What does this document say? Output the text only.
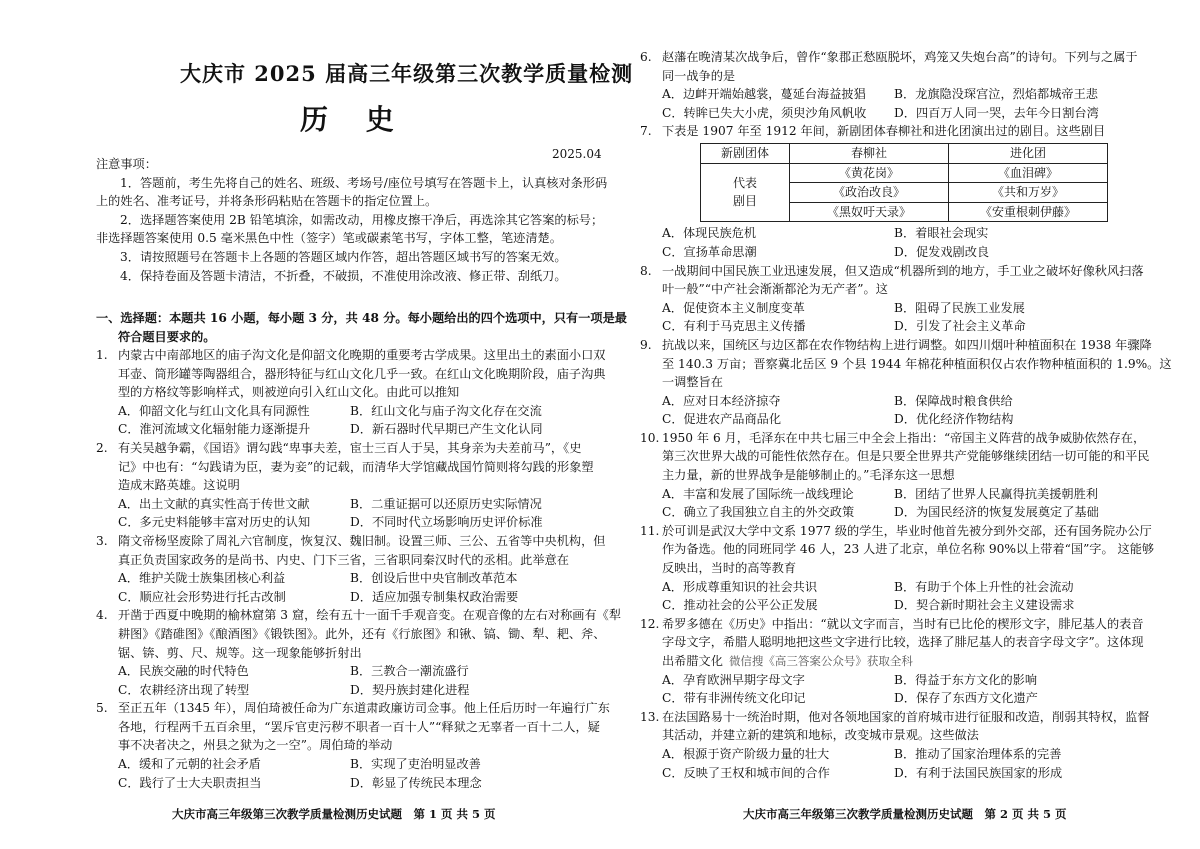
大庆市 2025 届高三年级第三次教学质量检测
历 史
2025.04
注意事项：
1．答题前，考生先将自己的姓名、班级、考场号/座位号填写在答题卡上，认真核对条形码
上的姓名、准考证号，并将条形码粘贴在答题卡的指定位置上。
2．选择题答案使用 2B 铅笔填涂，如需改动，用橡皮擦干净后，再选涂其它答案的标号；
非选择题答案使用 0.5 毫米黑色中性（签字）笔或碳素笔书写，字体工整，笔迹清楚。
3．请按照题号在答题卡上各题的答题区域内作答，超出答题区域书写的答案无效。
4．保持卷面及答题卡清洁，不折叠，不破损，不准使用涂改液、修正带、刮纸刀。
一、选择题：本题共 16 小题，每小题 3 分，共 48 分。每小题给出的四个选项中，只有一项是最
符合题目要求的。
1. 内蒙古中南部地区的庙子沟文化是仰韶文化晚期的重要考古学成果。这里出土的素面小口双
耳壶、筒形罐等陶器组合，器形特征与红山文化几乎一致。在红山文化晚期阶段，庙子沟典
型的方格纹等影响样式，则被逆向引入红山文化。由此可以推知
A．仰韶文化与红山文化具有同源性	B．红山文化与庙子沟文化存在交流
C．淮河流域文化辐射能力逐渐提升	D．新石器时代早期已产生文化认同
2. 有关吴越争霸，《国语》谓勾践“卑事夫差，宦士三百人于吴，其身亲为夫差前马”，《史
记》中也有：“勾践请为臣，妻为妾”的记载，而清华大学馆藏战国竹简则将勾践的形象塑
造成末路英雄。这说明
A．出土文献的真实性高于传世文献	B．二重证据可以还原历史实际情况
C．多元史料能够丰富对历史的认知	D．不同时代立场影响历史评价标准
3. 隋文帝杨坚废除了周礼六官制度，恢复汉、魏旧制。设置三师、三公、五省等中央机构，但
真正负责国家政务的是尚书、内史、门下三省，三省职同秦汉时代的丞相。此举意在
A．维护关陇士族集团核心利益	B．创设后世中央官制改革范本
C．顺应社会形势进行托古改制	D．适应加强专制集权政治需要
4. 开凿于西夏中晚期的榆林窟第 3 窟，绘有五十一面千手观音变。在观音像的左右对称画有《犁
耕图》《踏碓图》《酿酒图》《锻铁图》。此外，还有《行旅图》和锹、镐、锄、犁、耙、斧、
锯、锛、剪、尺、规等。这一现象能够折射出
A．民族交融的时代特色	B．三教合一潮流盛行
C．农耕经济出现了转型	D．契丹族封建化进程
5. 至正五年（1345 年），周伯琦被任命为广东道肃政廉访司佥事。他上任后历时一年遍行广东
各地，行程两千五百余里，“罢斥官吏污秽不职者一百十人”“释狱之无辜者一百十二人，疑
事不决者决之，州县之狱为之一空”。周伯琦的举动
A．缓和了元朝的社会矛盾	B．实现了吏治明显改善
C．践行了士大夫职责担当	D．彰显了传统民本理念
大庆市高三年级第三次教学质量检测历史试题　第 1 页 共 5 页
6. 赵藩在晚清某次战争后，曾作“象郡正愁瓯脱坏，鸡笼又失炮台高”的诗句。下列与之属于
同一战争的是
A．边衅开端始越裳，蔓延台海益披猖	B．龙旗隐没琛宫泣，烈焰都城帝王悲
C．转眸已失大小虎，须臾沙角风帆收	D．四百万人同一哭，去年今日割台湾
7. 下表是 1907 年至 1912 年间，新剧团体春柳社和进化团演出过的剧目。这些剧目
新剧团体	春柳社	进化团

代表
剧目	《黄花岗》	《血泪碑》
	《政治改良》	《共和万岁》
	《黑奴吁天录》	《安重根刺伊藤》
A．体现民族危机	B．着眼社会现实
C．宣扬革命思潮	D．促发戏剧改良
8. 一战期间中国民族工业迅速发展，但又造成“机器所到的地方，手工业之破坏好像秋风扫落
叶一般”“中产社会渐渐都沦为无产者”。这
A．促使资本主义制度变革	B．阻碍了民族工业发展
C．有利于马克思主义传播	D．引发了社会主义革命
9. 抗战以来，国统区与边区都在农作物结构上进行调整。如四川烟叶种植面积在 1938 年骤降
至 140.3 万亩；晋察冀北岳区 9 个县 1944 年棉花种植面积仅占农作物种植面积的 1.9%。这
一调整旨在
A．应对日本经济掠夺	B．保障战时粮食供给
C．促进农产品商品化	D．优化经济作物结构
10. 1950 年 6 月，毛泽东在中共七届三中全会上指出：“帝国主义阵营的战争威胁依然存在，
第三次世界大战的可能性依然存在。但是只要全世界共产党能够继续团结一切可能的和平民
主力量，新的世界战争是能够制止的。”毛泽东这一思想
A．丰富和发展了国际统一战线理论	B．团结了世界人民赢得抗美援朝胜利
C．确立了我国独立自主的外交政策	D．为国民经济的恢复发展奠定了基础
11. 於可训是武汉大学中文系 1977 级的学生，毕业时他首先被分到外交部，还有国务院办公厅
作为备选。他的同班同学 46 人，23 人进了北京，单位名称 90%以上带着“国”字。 这能够
反映出，当时的高等教育
A．形成尊重知识的社会共识	B．有助于个体上升性的社会流动
C．推动社会的公平公正发展	D．契合新时期社会主义建设需求
12. 希罗多德在《历史》中指出：“就以文字而言，当时有已比伦的楔形文字，腓尼基人的表音
字母文字，希腊人聪明地把这些文字进行比较，选择了腓尼基人的表音字母文字”。这体现
出希腊文化 微信搜《高三答案公众号》获取全科
A．孕育欧洲早期字母文字	B．得益于东方文化的影响
C．带有非洲传统文化印记	D．保存了东西方文化遗产
13. 在法国路易十一统治时期，他对各领地国家的首府城市进行征服和改造，削弱其特权，监督
其活动，并建立新的建筑和地标，改变城市景观。这些做法
A．根源于资产阶级力量的壮大	B．推动了国家治理体系的完善
C．反映了王权和城市间的合作	D．有利于法国民族国家的形成
大庆市高三年级第三次教学质量检测历史试题　第 2 页 共 5 页
